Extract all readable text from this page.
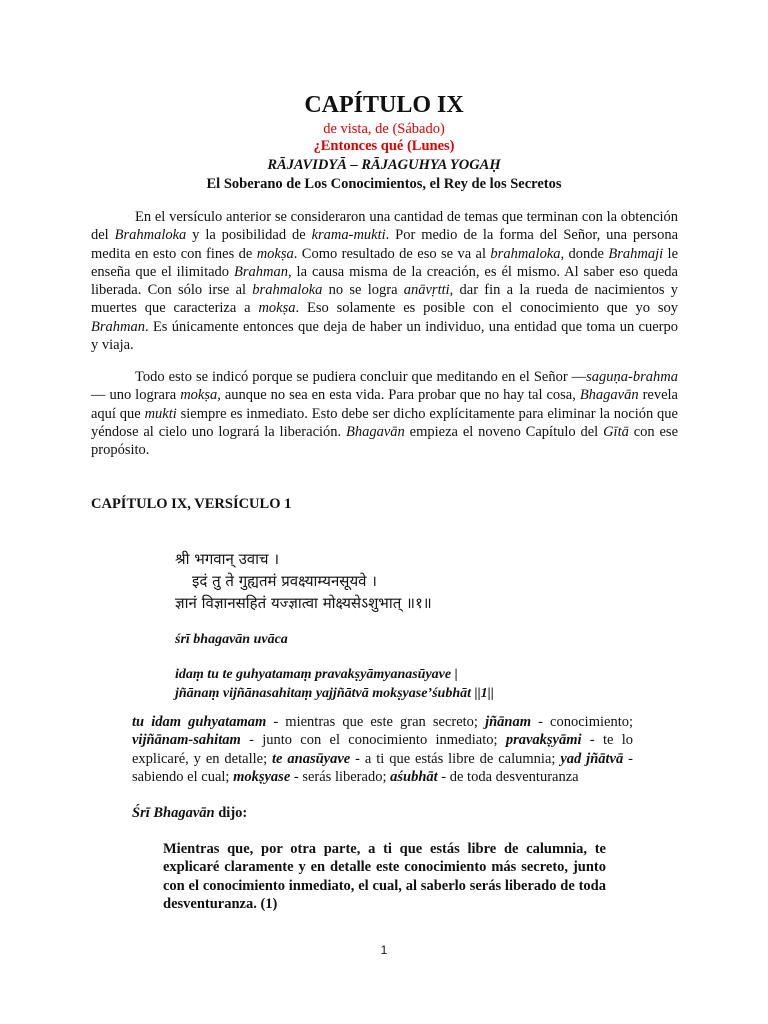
CAPÍTULO IX

de vista, de (Sábado)

¿Entonces qué (Lunes)

RĀJAVIDYĀ – RĀJAGUHYA YOGAḤ

El Soberano de Los Conocimientos, el Rey de los Secretos

En el versículo anterior se consideraron una cantidad de temas que terminan con la obtención del Brahmaloka y la posibilidad de krama-mukti. Por medio de la forma del Señor, una persona medita en esto con fines de mokṣa. Como resultado de eso se va al brahmaloka, donde Brahmaji le enseña que el ilimitado Brahman, la causa misma de la creación, es él mismo. Al saber eso queda liberada. Con sólo irse al brahmaloka no se logra anāvṛtti, dar fin a la rueda de nacimientos y muertes que caracteriza a mokṣa. Eso solamente es posible con el conocimiento que yo soy Brahman. Es únicamente entonces que deja de haber un individuo, una entidad que toma un cuerpo y viaja.

Todo esto se indicó porque se pudiera concluir que meditando en el Señor —saguṇa-brahma — uno lograra mokṣa, aunque no sea en esta vida. Para probar que no hay tal cosa, Bhagavān revela aquí que mukti siempre es inmediato. Esto debe ser dicho explícitamente para eliminar la noción que yéndose al cielo uno logrará la liberación. Bhagavān empieza el noveno Capítulo del Gītā con ese propósito.

CAPÍTULO IX, VERSÍCULO 1

श्री भगवान् उवाच ।

इदं तु ते गुह्यतमं प्रवक्ष्याम्यनसूयवे ।

ज्ञानं विज्ञानसहितं यज्ज्ञात्वा मोक्ष्यसेऽशुभात् ॥१॥

śrī bhagavān uvāca

idaṃ tu te guhyatamaṃ pravakṣyāmyanasūyave |

jñānaṃ vijñānasahitaṃ yajjñātvā mokṣyase’śubhāt ||1||

tu idam guhyatamam - mientras que este gran secreto; jñānam - conocimiento; vijñānam-sahitam - junto con el conocimiento inmediato; pravakṣyāmi - te lo explicaré, y en detalle; te anasūyave - a ti que estás libre de calumnia; yad jñātvā - sabiendo el cual; mokṣyase - serás liberado; aśubhāt - de toda desventuranza

Śrī Bhagavān dijo:

Mientras que, por otra parte, a ti que estás libre de calumnia, te explicaré claramente y en detalle este conocimiento más secreto, junto con el conocimiento inmediato, el cual, al saberlo serás liberado de toda desventuranza. (1)

1
